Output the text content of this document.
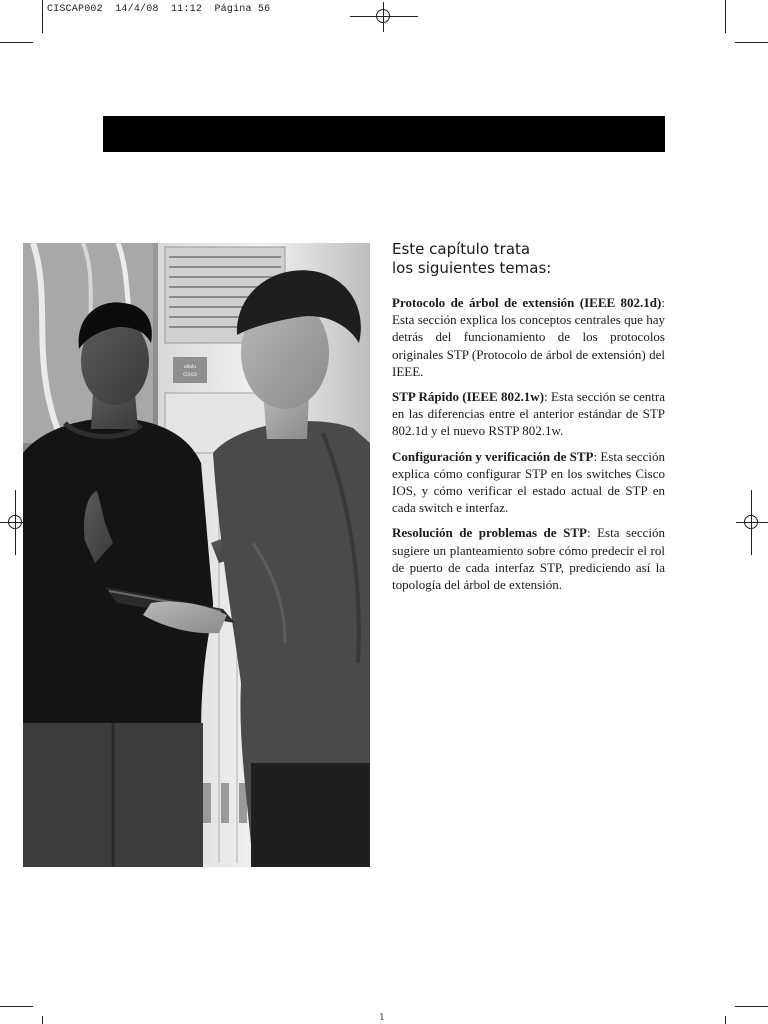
CISCAP002 14/4/08 11:12 Página 56
altalu
cisco
Este capítulo trata
los siguientes temas:

Protocolo de árbol de extensión (IEEE 802.1d): Esta sección explica los conceptos centrales que hay detrás del funcionamiento de los protocolos originales STP (Protocolo de árbol de extensión) del IEEE.

STP Rápido (IEEE 802.1w): Esta sección se centra en las diferencias entre el anterior estándar de STP 802.1d y el nuevo RSTP 802.1w.

Configuración y verificación de STP: Esta sección explica cómo configurar STP en los switches Cisco IOS, y cómo verificar el estado actual de STP en cada switch e interfaz.

Resolución de problemas de STP: Esta sección sugiere un planteamiento sobre cómo predecir el rol de puerto de cada interfaz STP, prediciendo así la topología del árbol de extensión.

1
